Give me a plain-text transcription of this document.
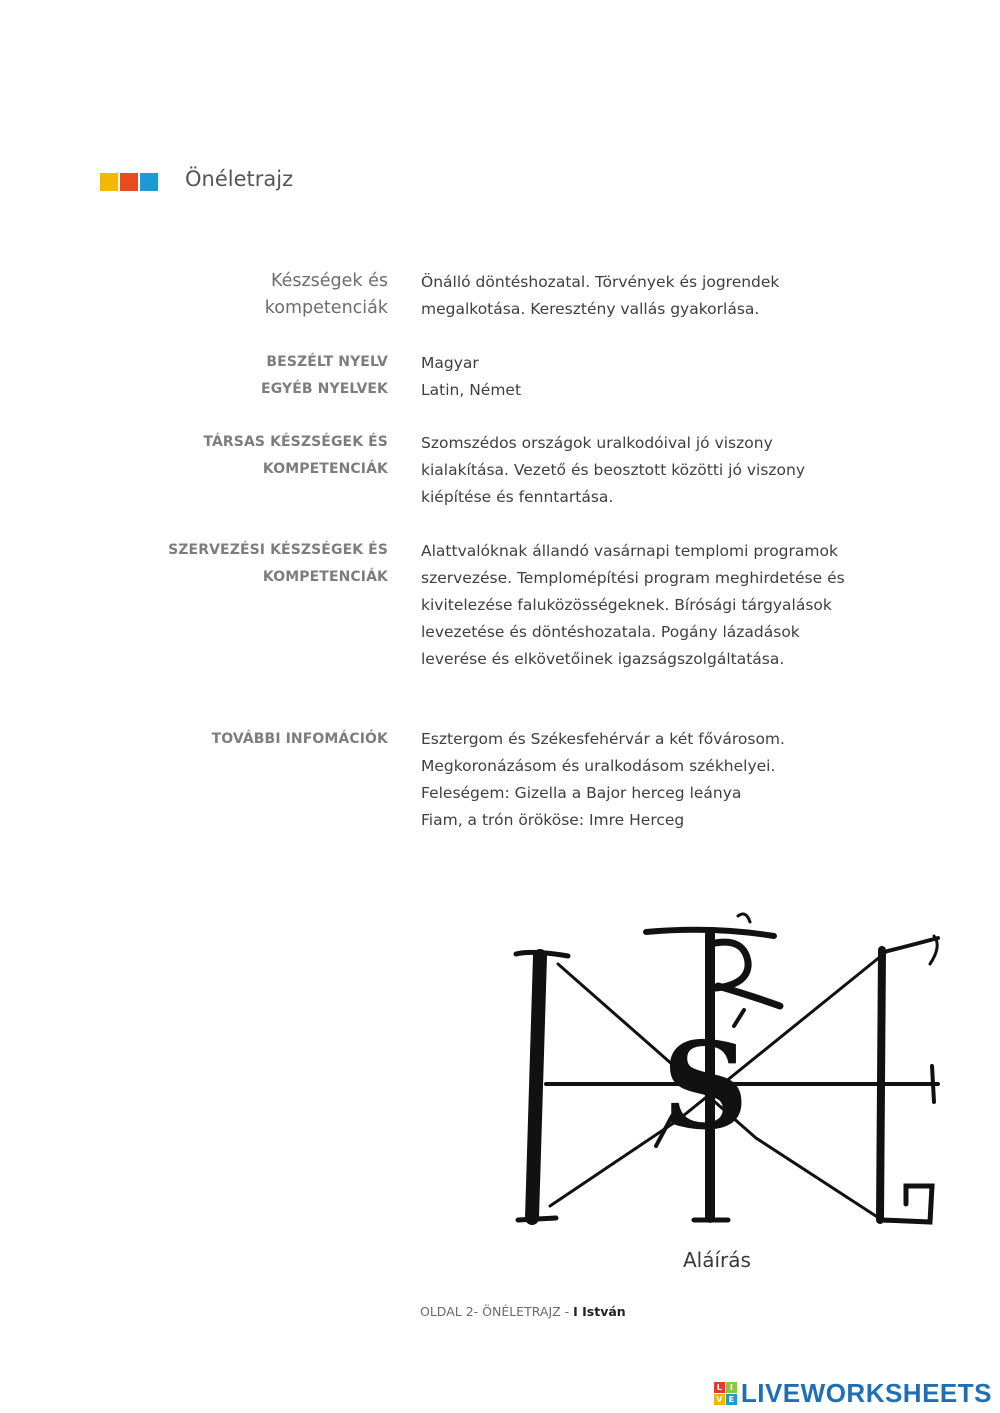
Önéletrajz
Készségek és
kompetenciák
Önálló döntéshozatal. Törvények és jogrendek
megalkotása. Keresztény vallás gyakorlása.
BESZÉLT NYELV Magyar
EGYÉB NYELVEK Latin, Német
TÁRSAS KÉSZSÉGEK ÉS
KOMPETENCIÁK
Szomszédos országok uralkodóival jó viszony
kialakítása. Vezető és beosztott közötti jó viszony
kiépítése és fenntartása.
SZERVEZÉSI KÉSZSÉGEK ÉS
KOMPETENCIÁK
Alattvalóknak állandó vasárnapi templomi programok
szervezése. Templomépítési program meghirdetése és
kivitelezése faluközösségeknek. Bírósági tárgyalások
levezetése és döntéshozatala. Pogány lázadások
leverése és elkövetőinek igazságszolgáltatása.
TOVÁBBI INFOMÁCIÓK Esztergom és Székesfehérvár a két fővárosom.
Megkoronázásom és uralkodásom székhelyei.
Feleségem: Gizella a Bajor herceg leánya
Fiam, a trón örököse: Imre Herceg
S
Aláírás
OLDAL 2- ÖNÉLETRAJZ - I István
L I
V E LIVEWORKSHEETS
